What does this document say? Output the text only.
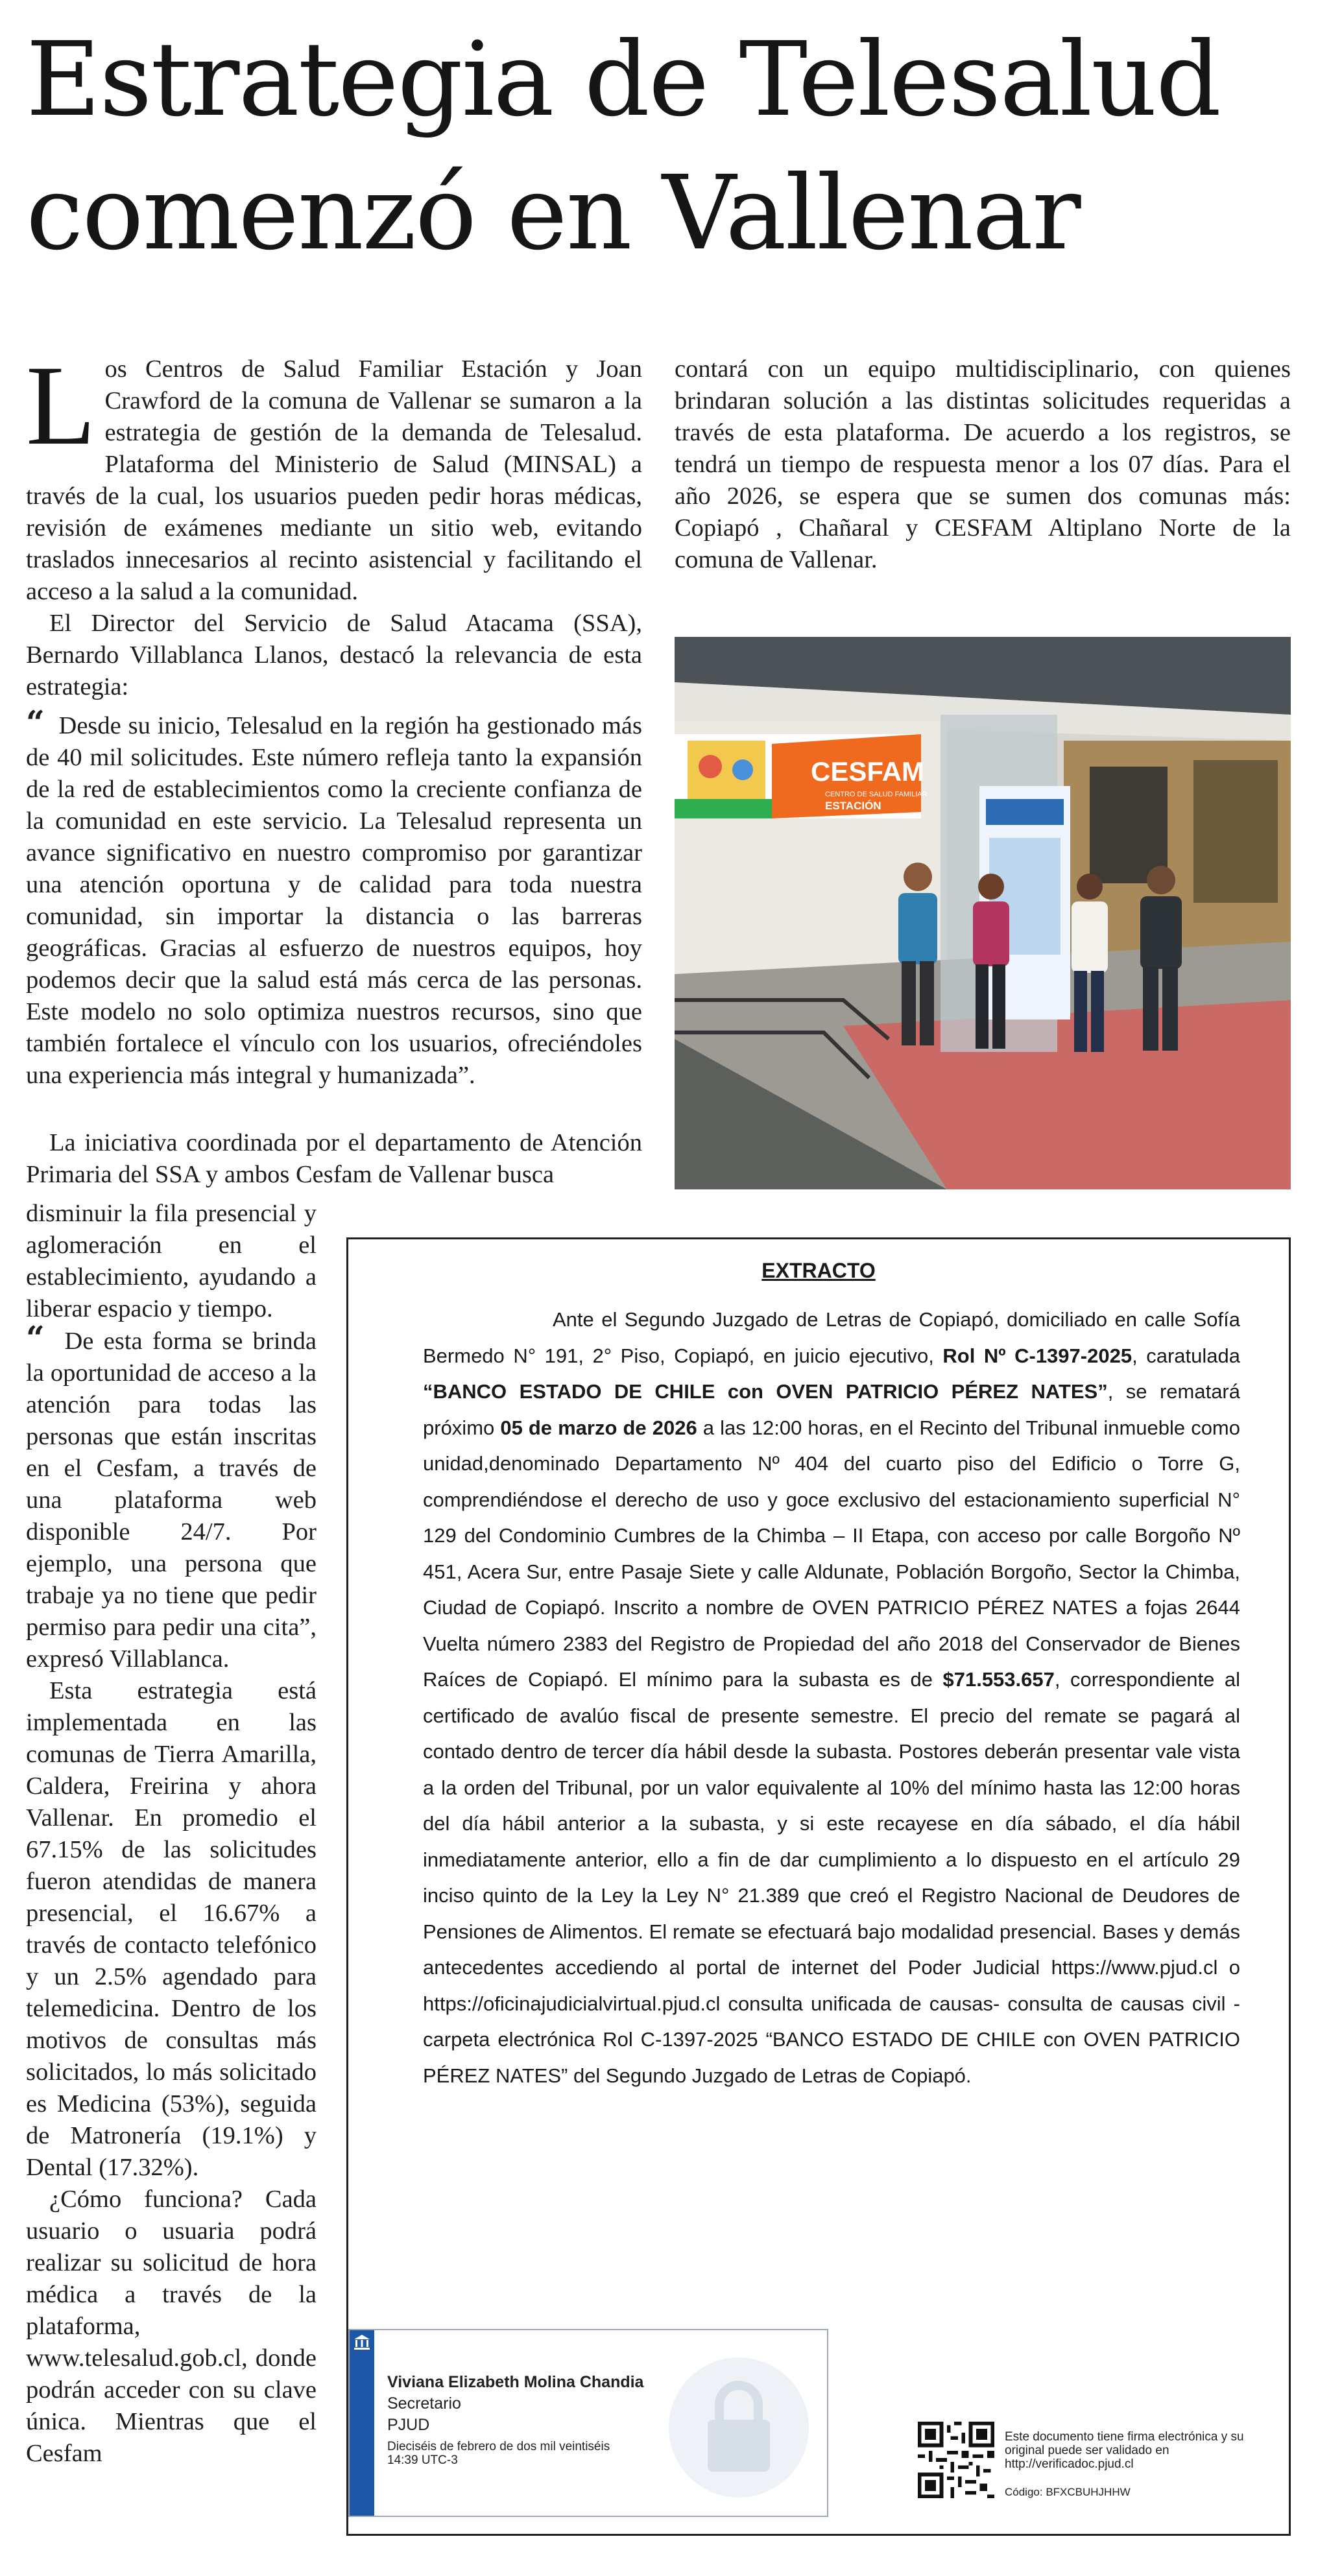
Estrategia de Telesalud comenzó en Vallenar

Los Centros de Salud Familiar Estación y Joan Crawford de la comuna de Vallenar se sumaron a la estrategia de gestión de la demanda de Telesalud. Plataforma del Ministerio de Salud (MINSAL) a través de la cual, los usuarios pueden pedir horas médicas, revisión de exámenes mediante un sitio web, evitando traslados innecesarios al recinto asistencial y facilitando el acceso a la salud a la comunidad.

El Director del Servicio de Salud Atacama (SSA), Bernardo Villablanca Llanos, destacó la relevancia de esta estrategia:

“ Desde su inicio, Telesalud en la región ha gestionado más de 40 mil solicitudes. Este número refleja tanto la expansión de la red de establecimientos como la creciente confianza de la comunidad en este servicio. La Telesalud representa un avance significativo en nuestro compromiso por garantizar una atención oportuna y de calidad para toda nuestra comunidad, sin importar la distancia o las barreras geográficas. Gracias al esfuerzo de nuestros equipos, hoy podemos decir que la salud está más cerca de las personas. Este modelo no solo optimiza nuestros recursos, sino que también fortalece el vínculo con los usuarios, ofreciéndoles una experiencia más integral y humanizada”.

La iniciativa coordinada por el departamento de Atención Primaria del SSA y ambos Cesfam de Vallenar busca

disminuir la fila presencial y aglomeración en el establecimiento, ayudando a liberar espacio y tiempo.

“ De esta forma se brinda la oportunidad de acceso a la atención para todas las personas que están inscritas en el Cesfam, a través de una plataforma web disponible 24/7. Por ejemplo, una persona que trabaje ya no tiene que pedir permiso para pedir una cita”, expresó Villablanca.

Esta estrategia está implementada en las comunas de Tierra Amarilla, Caldera, Freirina y ahora Vallenar. En promedio el 67.15% de las solicitudes fueron atendidas de manera presencial, el 16.67% a través de contacto telefónico y un 2.5% agendado para telemedicina. Dentro de los motivos de consultas más solicitados, lo más solicitado es Medicina (53%), seguida de Matronería (19.1%) y Dental (17.32%).

¿Cómo funciona? Cada usuario o usuaria podrá realizar su solicitud de hora médica a través de la plataforma, www.telesalud.gob.cl, donde podrán acceder con su clave única. Mientras que el Cesfam

contará con un equipo multidisciplinario, con quienes brindaran solución a las distintas solicitudes requeridas a través de esta plataforma. De acuerdo a los registros, se tendrá un tiempo de respuesta menor a los 07 días. Para el año 2026, se espera que se sumen dos comunas más: Copiapó , Chañaral y CESFAM Altiplano Norte de la comuna de Vallenar.

CESFAM
CENTRO DE SALUD FAMILIAR
ESTACIÓN
EXTRACTO

Ante el Segundo Juzgado de Letras de Copiapó, domiciliado en calle Sofía Bermedo N° 191, 2° Piso, Copiapó, en juicio ejecutivo, Rol Nº C-1397-2025, caratulada “BANCO ESTADO DE CHILE con OVEN PATRICIO PÉREZ NATES”, se rematará próximo 05 de marzo de 2026 a las 12:00 horas, en el Recinto del Tribunal inmueble como unidad,denominado Departamento Nº 404 del cuarto piso del Edificio o Torre G, comprendiéndose el derecho de uso y goce exclusivo del estacionamiento superficial N° 129 del Condominio Cumbres de la Chimba – II Etapa, con acceso por calle Borgoño Nº 451, Acera Sur, entre Pasaje Siete y calle Aldunate, Población Borgoño, Sector la Chimba, Ciudad de Copiapó. Inscrito a nombre de OVEN PATRICIO PÉREZ NATES a fojas 2644 Vuelta número 2383 del Registro de Propiedad del año 2018 del Conservador de Bienes Raíces de Copiapó. El mínimo para la subasta es de $71.553.657, correspondiente al certificado de avalúo fiscal de presente semestre. El precio del remate se pagará al contado dentro de tercer día hábil desde la subasta. Postores deberán presentar vale vista a la orden del Tribunal, por un valor equivalente al 10% del mínimo hasta las 12:00 horas del día hábil anterior a la subasta, y si este recayese en día sábado, el día hábil inmediatamente anterior, ello a fin de dar cumplimiento a lo dispuesto en el artículo 29 inciso quinto de la Ley la Ley N° 21.389 que creó el Registro Nacional de Deudores de Pensiones de Alimentos. El remate se efectuará bajo modalidad presencial. Bases y demás antecedentes accediendo al portal de internet del Poder Judicial https://www.pjud.cl o https://oficinajudicialvirtual.pjud.cl consulta unificada de causas- consulta de causas civil - carpeta electrónica Rol C-1397-2025 “BANCO ESTADO DE CHILE con OVEN PATRICIO PÉREZ NATES” del Segundo Juzgado de Letras de Copiapó.

Viviana Elizabeth Molina Chandia
Secretario
PJUD
Dieciséis de febrero de dos mil veintiséis
14:39 UTC-3
Este documento tiene firma electrónica y su original puede ser validado en http://verificadoc.pjud.cl
Código: BFXCBUHJHHW
